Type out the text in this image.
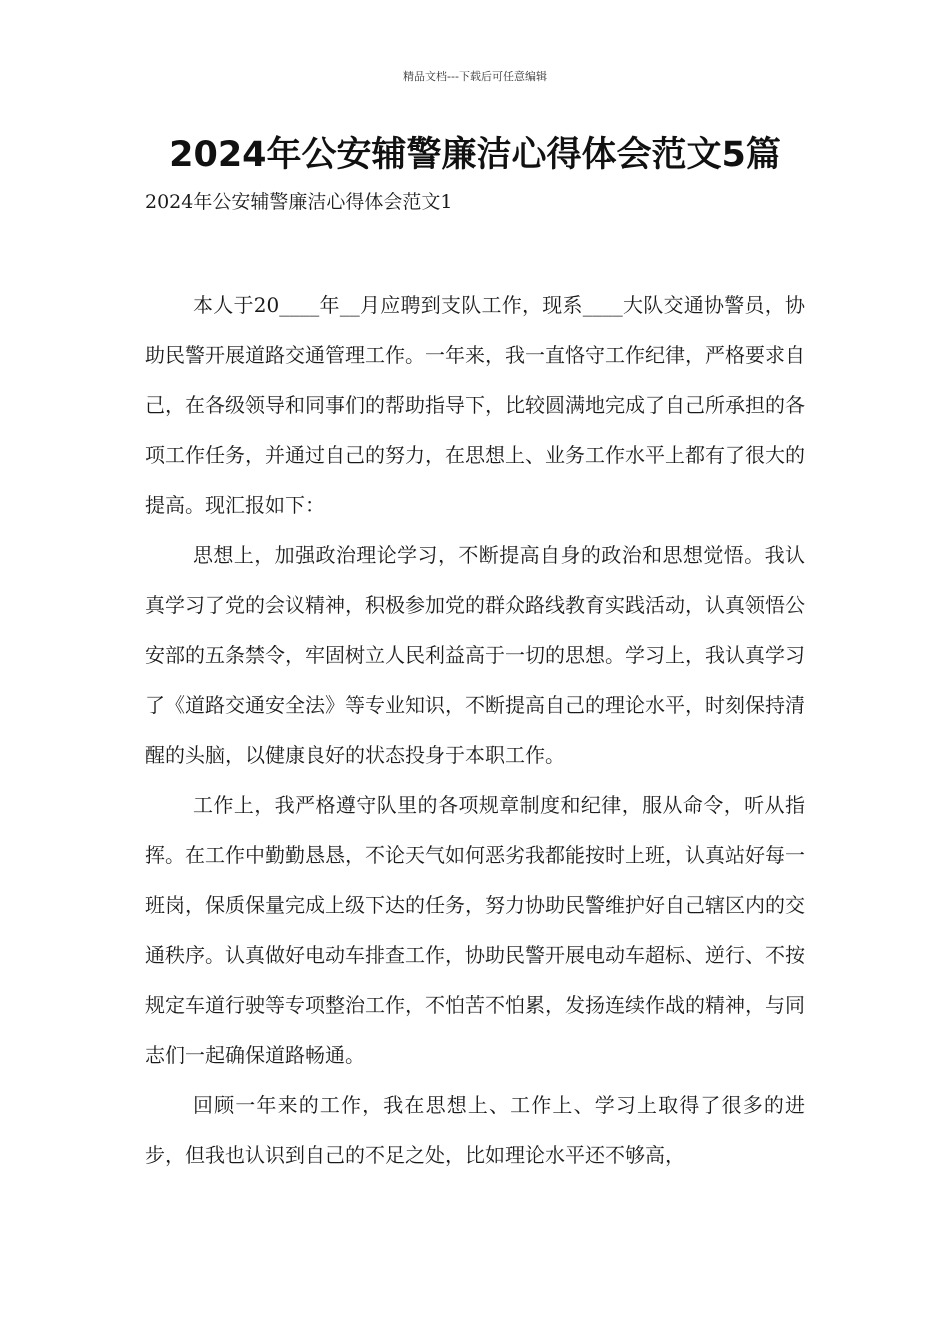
精品文档---下载后可任意编辑
2024年公安辅警廉洁心得体会范文5篇
2024年公安辅警廉洁心得体会范文1

本人于20____年__月应聘到支队工作，现系____大队交通协警员，协助民警开展道路交通管理工作。一年来，我一直恪守工作纪律，严格要求自己，在各级领导和同事们的帮助指导下，比较圆满地完成了自己所承担的各项工作任务，并通过自己的努力，在思想上、业务工作水平上都有了很大的提高。现汇报如下：

思想上，加强政治理论学习，不断提高自身的政治和思想觉悟。我认真学习了党的会议精神，积极参加党的群众路线教育实践活动，认真领悟公安部的五条禁令，牢固树立人民利益高于一切的思想。学习上，我认真学习了《道路交通安全法》等专业知识，不断提高自己的理论水平，时刻保持清醒的头脑，以健康良好的状态投身于本职工作。

工作上，我严格遵守队里的各项规章制度和纪律，服从命令，听从指挥。在工作中勤勤恳恳，不论天气如何恶劣我都能按时上班，认真站好每一班岗，保质保量完成上级下达的任务，努力协助民警维护好自己辖区内的交通秩序。认真做好电动车排查工作，协助民警开展电动车超标、逆行、不按规定车道行驶等专项整治工作，不怕苦不怕累，发扬连续作战的精神，与同志们一起确保道路畅通。

回顾一年来的工作，我在思想上、工作上、学习上取得了很多的进步，但我也认识到自己的不足之处，比如理论水平还不够高，
